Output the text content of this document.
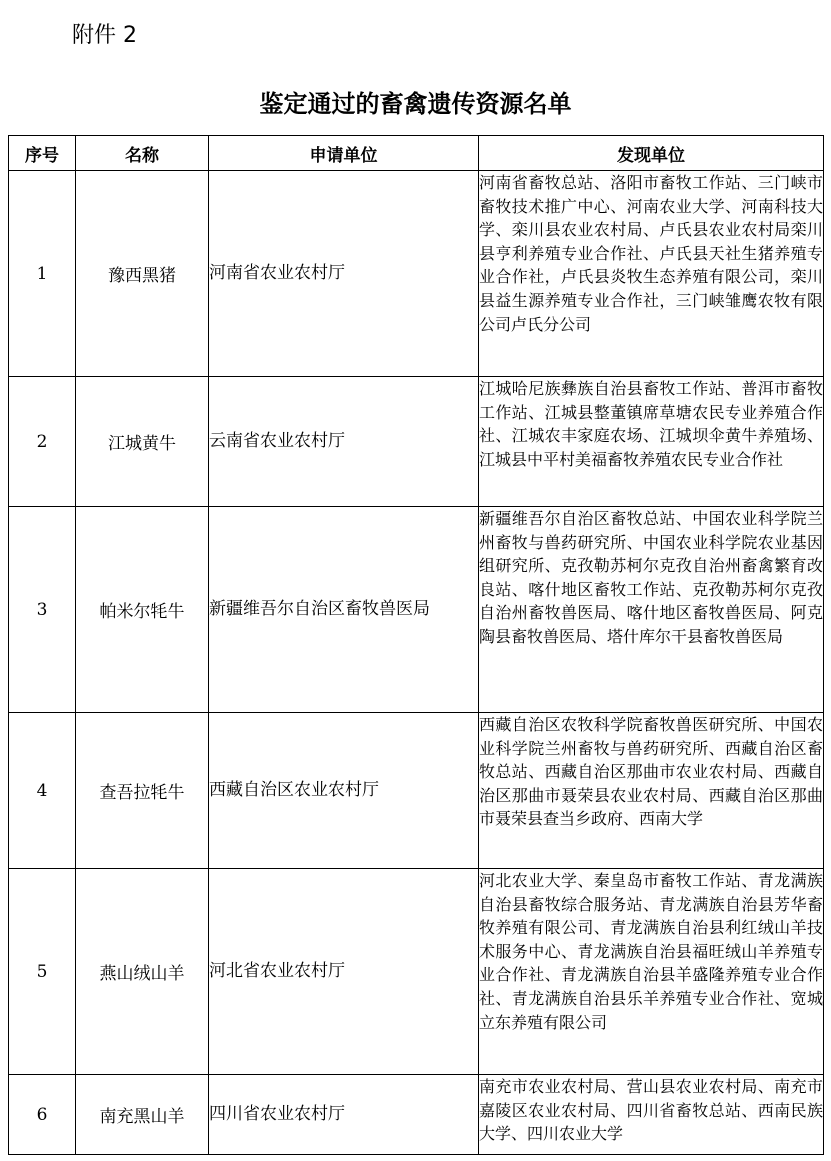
附件 2
鉴定通过的畜禽遗传资源名单
序号	名称	申请单位	发现单位
1	豫西黑猪	河南省农业农村厅	河南省畜牧总站、洛阳市畜牧工作站、三门峡市畜牧技术推广中心、河南农业大学、河南科技大学、栾川县农业农村局、卢氏县农业农村局栾川县亨利养殖专业合作社、卢氏县天社生猪养殖专业合作社，卢氏县炎牧生态养殖有限公司，栾川县益生源养殖专业合作社，三门峡雏鹰农牧有限公司卢氏分公司

2	江城黄牛	云南省农业农村厅	江城哈尼族彝族自治县畜牧工作站、普洱市畜牧工作站、江城县整董镇席草塘农民专业养殖合作社、江城农丰家庭农场、江城坝伞黄牛养殖场、江城县中平村美福畜牧养殖农民专业合作社

3	帕米尔牦牛	新疆维吾尔自治区畜牧兽医局	新疆维吾尔自治区畜牧总站、中国农业科学院兰州畜牧与兽药研究所、中国农业科学院农业基因组研究所、克孜勒苏柯尔克孜自治州畜禽繁育改良站、喀什地区畜牧工作站、克孜勒苏柯尔克孜自治州畜牧兽医局、喀什地区畜牧兽医局、阿克陶县畜牧兽医局、塔什库尔干县畜牧兽医局

4	查吾拉牦牛	西藏自治区农业农村厅	西藏自治区农牧科学院畜牧兽医研究所、中国农业科学院兰州畜牧与兽药研究所、西藏自治区畜牧总站、西藏自治区那曲市农业农村局、西藏自治区那曲市聂荣县农业农村局、西藏自治区那曲市聂荣县查当乡政府、西南大学

5	燕山绒山羊	河北省农业农村厅	河北农业大学、秦皇岛市畜牧工作站、青龙满族自治县畜牧综合服务站、青龙满族自治县芳华畜牧养殖有限公司、青龙满族自治县利红绒山羊技术服务中心、青龙满族自治县福旺绒山羊养殖专业合作社、青龙满族自治县羊盛隆养殖专业合作社、青龙满族自治县乐羊养殖专业合作社、宽城立东养殖有限公司

6	南充黑山羊	四川省农业农村厅	南充市农业农村局、营山县农业农村局、南充市嘉陵区农业农村局、四川省畜牧总站、西南民族大学、四川农业大学
